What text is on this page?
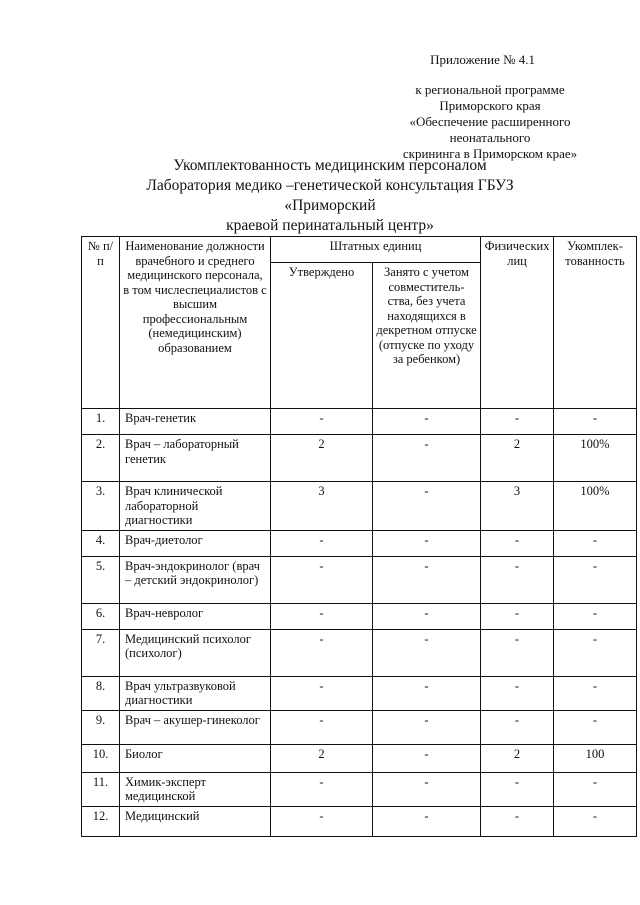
Приложение № 4.1
к региональной программе
Приморского края
«Обеспечение расширенного неонатального
скрининга в Приморском крае»
Укомплектованность медицинским персоналом
Лаборатория медико –генетической консультация ГБУЗ «Приморский
краевой перинатальный центр»
№ п/п	Наименование должности врачебного и среднего медицинского персонала, в том числеспециалистов с высшим профессиональным (немедицинским) образованием	Штатных единиц		Физических лиц	Укомплек-тованность
		Утверждено	Занято с учетом совместитель-ства, без учета находящихся в декретном отпуске (отпуске по уходу за ребенком)		
1.	Врач-генетик	-	-	-	-
2.	Врач – лабораторный генетик	2	-	2	100%
3.	Врач клинической лабораторной диагностики	3	-	3	100%
4.	Врач-диетолог	-	-	-	-
5.	Врач-эндокринолог (врач – детский эндокринолог)	-	-	-	-
6.	Врач-невролог	-	-	-	-
7.	Медицинский психолог (психолог)	-	-	-	-
8.	Врач ультразвуковой диагностики	-	-	-	-
9.	Врач – акушер-гинеколог	-	-	-	-
10.	Биолог	2	-	2	100
11.	Химик-эксперт медицинской	-	-	-	-
12.	Медицинский	-	-	-	-
